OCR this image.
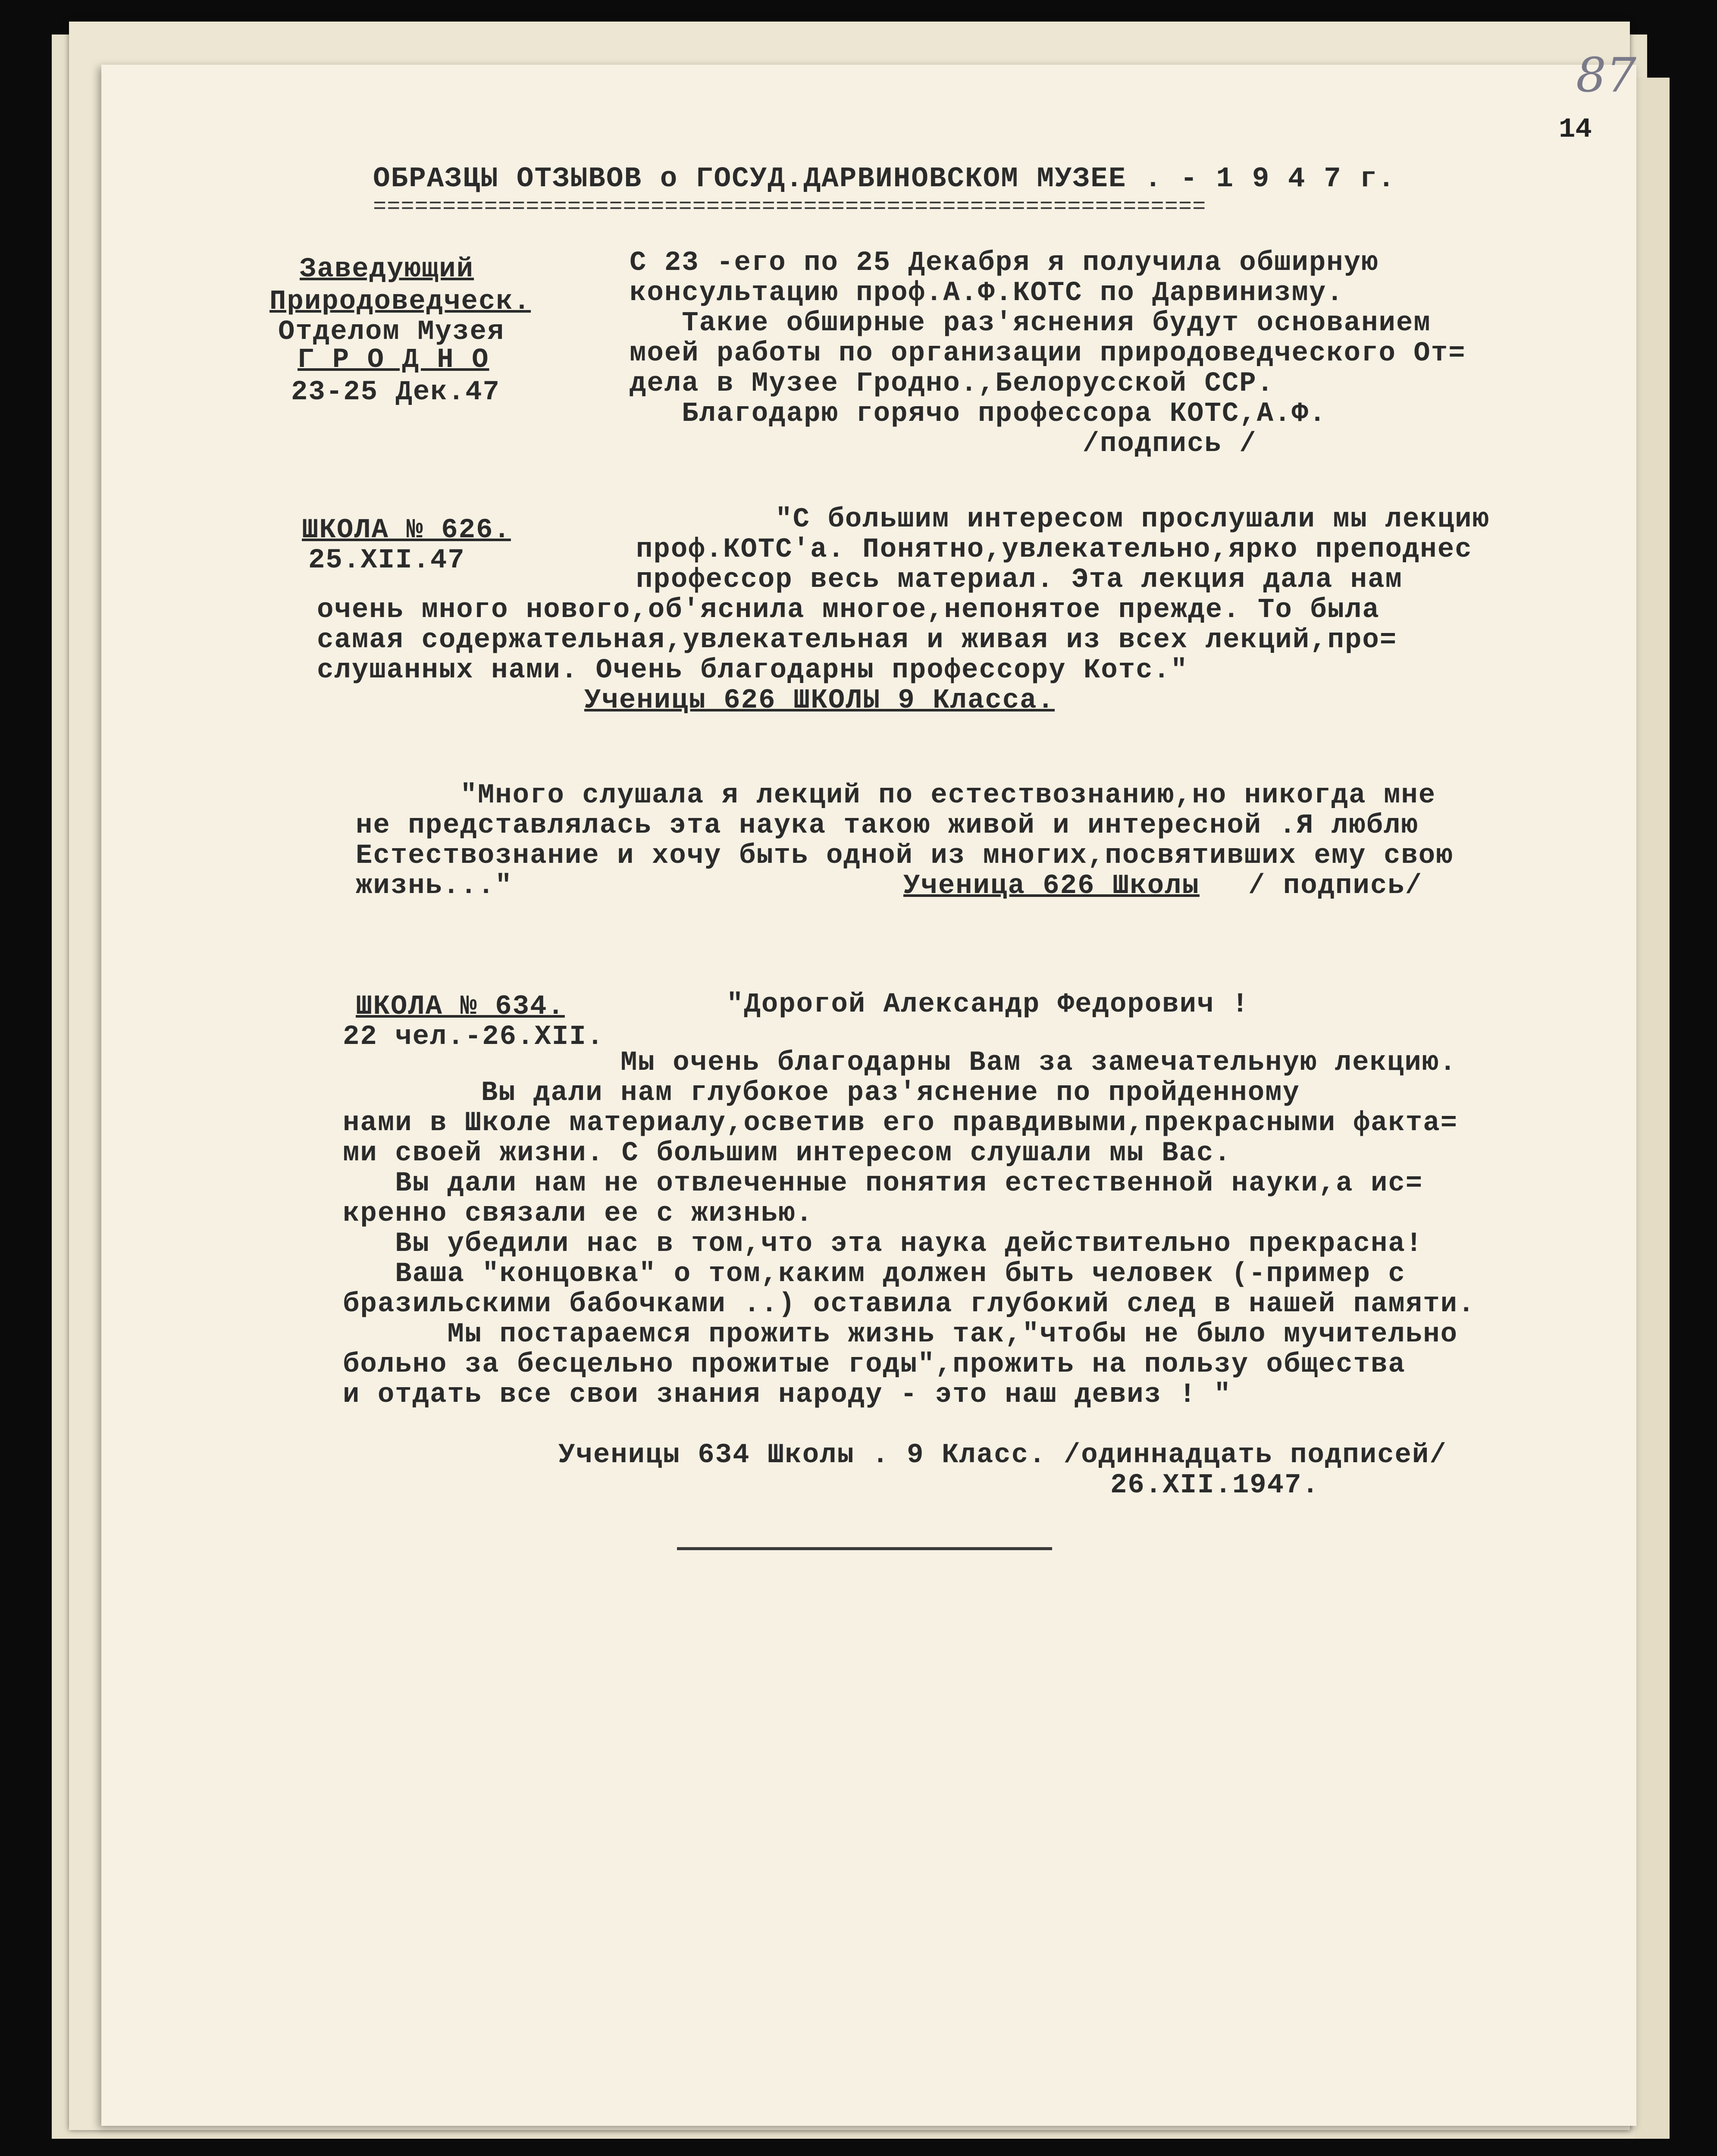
87
14
ОБРАЗЦЫ ОТЗЫВОВ о ГОСУД.ДАРВИНОВСКОМ МУЗЕЕ . - 1 9 4 7 г.
============================================================
Заведующий
Природоведческ.
Отделом Музея
Г Р О Д Н О
23-25 Дек.47
С 23 -его по 25 Декабря я получила обширную
консультацию проф.А.Ф.КОТС по Дарвинизму.
Такие обширные раз'яснения будут основанием
моей работы по организации природоведческого От=
дела в Музее Гродно.,Белорусской ССР.
Благодарю горячо профессора КОТС,А.Ф.
/подпись /
ШКОЛА № 626.
25.XII.47
"С большим интересом прослушали мы лекцию
проф.КОТС'а. Понятно,увлекательно,ярко преподнес
профессор весь материал. Эта лекция дала нам
очень много нового,об'яснила многое,непонятое прежде. То была
самая содержательная,увлекательная и живая из всех лекций,про=
слушанных нами. Очень благодарны профессору Котс."
Ученицы 626 ШКОЛЫ 9 Класса.
"Много слушала я лекций по естествознанию,но никогда мне
не представлялась эта наука такою живой и интересной .Я люблю
Естествознание и хочу быть одной из многих,посвятивших ему свою
жизнь..."	Ученица 626 Школы / подпись/
ШКОЛА № 634.
22 чел.-26.XII.
"Дорогой Александр Федорович !
Мы очень благодарны Вам за замечательную лекцию.
Вы дали нам глубокое раз'яснение по пройденному
нами в Школе материалу,осветив его правдивыми,прекрасными факта=
ми своей жизни. С большим интересом слушали мы Вас.
Вы дали нам не отвлеченные понятия естественной науки,а ис=
кренно связали ее с жизнью.
Вы убедили нас в том,что эта наука действительно прекрасна!
Ваша "концовка" о том,каким должен быть человек (-пример с
бразильскими бабочками ..) оставила глубокий след в нашей памяти.
Мы постараемся прожить жизнь так,"чтобы не было мучительно
больно за бесцельно прожитые годы",прожить на пользу общества
и отдать все свои знания народу - это наш девиз ! "
Ученицы 634 Школы . 9 Класс. /одиннадцать подписей/
26.XII.1947.
